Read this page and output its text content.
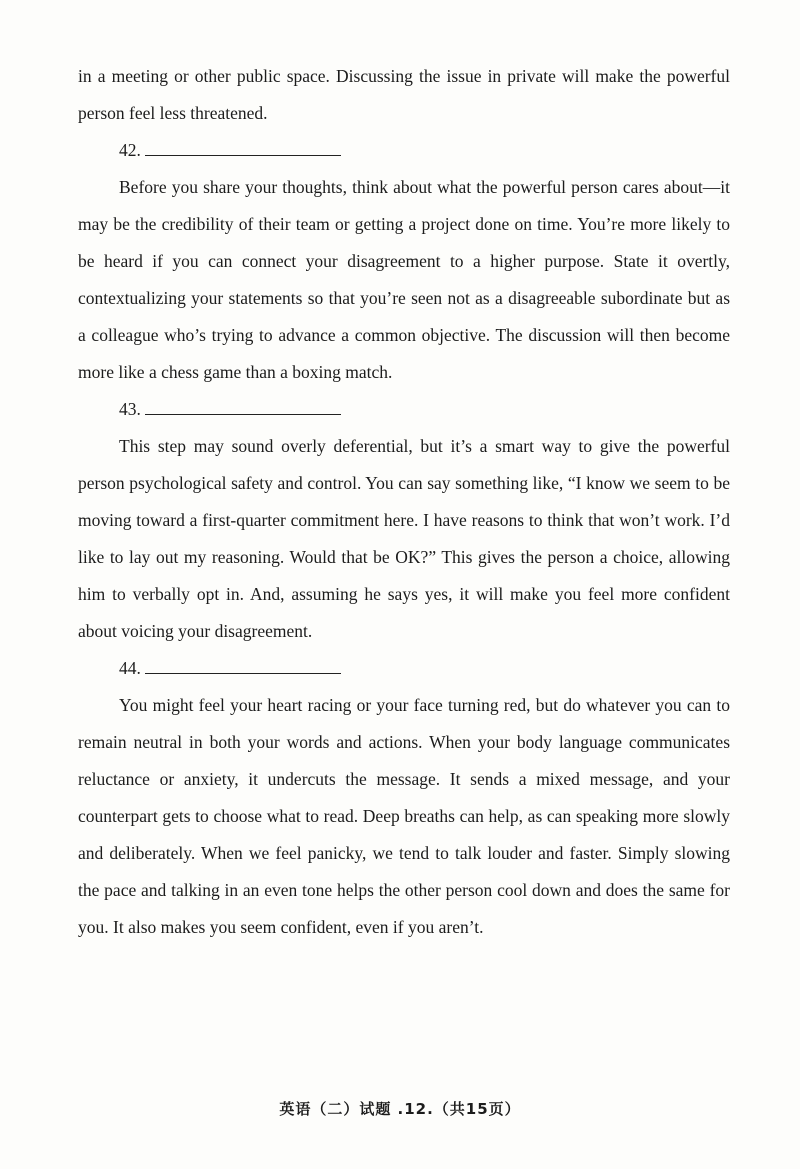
in a meeting or other public space. Discussing the issue in private will make the powerful person feel less threatened.

42.

Before you share your thoughts, think about what the powerful person cares about—it may be the credibility of their team or getting a project done on time. You’re more likely to be heard if you can connect your disagreement to a higher purpose. State it overtly, contextualizing your statements so that you’re seen not as a disagreeable subordinate but as a colleague who’s trying to advance a common objective. The discussion will then become more like a chess game than a boxing match.

43.

This step may sound overly deferential, but it’s a smart way to give the powerful person psychological safety and control. You can say something like, “I know we seem to be moving toward a first-quarter commitment here. I have reasons to think that won’t work. I’d like to lay out my reasoning. Would that be OK?” This gives the person a choice, allowing him to verbally opt in. And, assuming he says yes, it will make you feel more confident about voicing your disagreement.

44.

You might feel your heart racing or your face turning red, but do whatever you can to remain neutral in both your words and actions. When your body language communicates reluctance or anxiety, it undercuts the message. It sends a mixed message, and your counterpart gets to choose what to read. Deep breaths can help, as can speaking more slowly and deliberately. When we feel panicky, we tend to talk louder and faster. Simply slowing the pace and talking in an even tone helps the other person cool down and does the same for you. It also makes you seem confident, even if you aren’t.

英语（二）试题 .12.（共15页）
